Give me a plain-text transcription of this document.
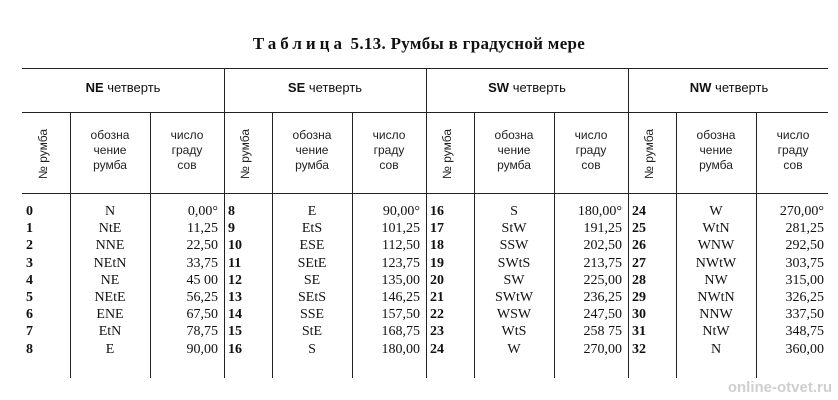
Таблица 5.13. Румбы в градусной мере
NE четверть
№ румба	обозна
чение
румба
число
граду
сов
0	N	0,00°
1	NtE	11,25
2	NNE	22,50
3	NEtN	33,75
4	NE	45 00
5	NEtE	56,25
6	ENE	67,50
7	EtN	78,75
8	E	90,00
SE четверть
№ румба	обозна
чение
румба
число
граду
сов
8	E	90,00°
9	EtS	101,25
10	ESE	112,50
11	SEtE	123,75
12	SE	135,00
13	SEtS	146,25
14	SSE	157,50
15	StE	168,75
16	S	180,00
SW четверть
№ румба	обозна
чение
румба
число
граду
сов
16	S	180,00°
17	StW	191,25
18	SSW	202,50
19	SWtS	213,75
20	SW	225,00
21	SWtW	236,25
22	WSW	247,50
23	WtS	258 75
24	W	270,00
NW четверть
№ румба	обозна
чение
румба
число
граду
сов
24	W	270,00°
25	WtN	281,25
26	WNW	292,50
27	NWtW	303,75
28	NW	315,00
29	NWtN	326,25
30	NNW	337,50
31	NtW	348,75
32	N	360,00
online-otvet.ru
